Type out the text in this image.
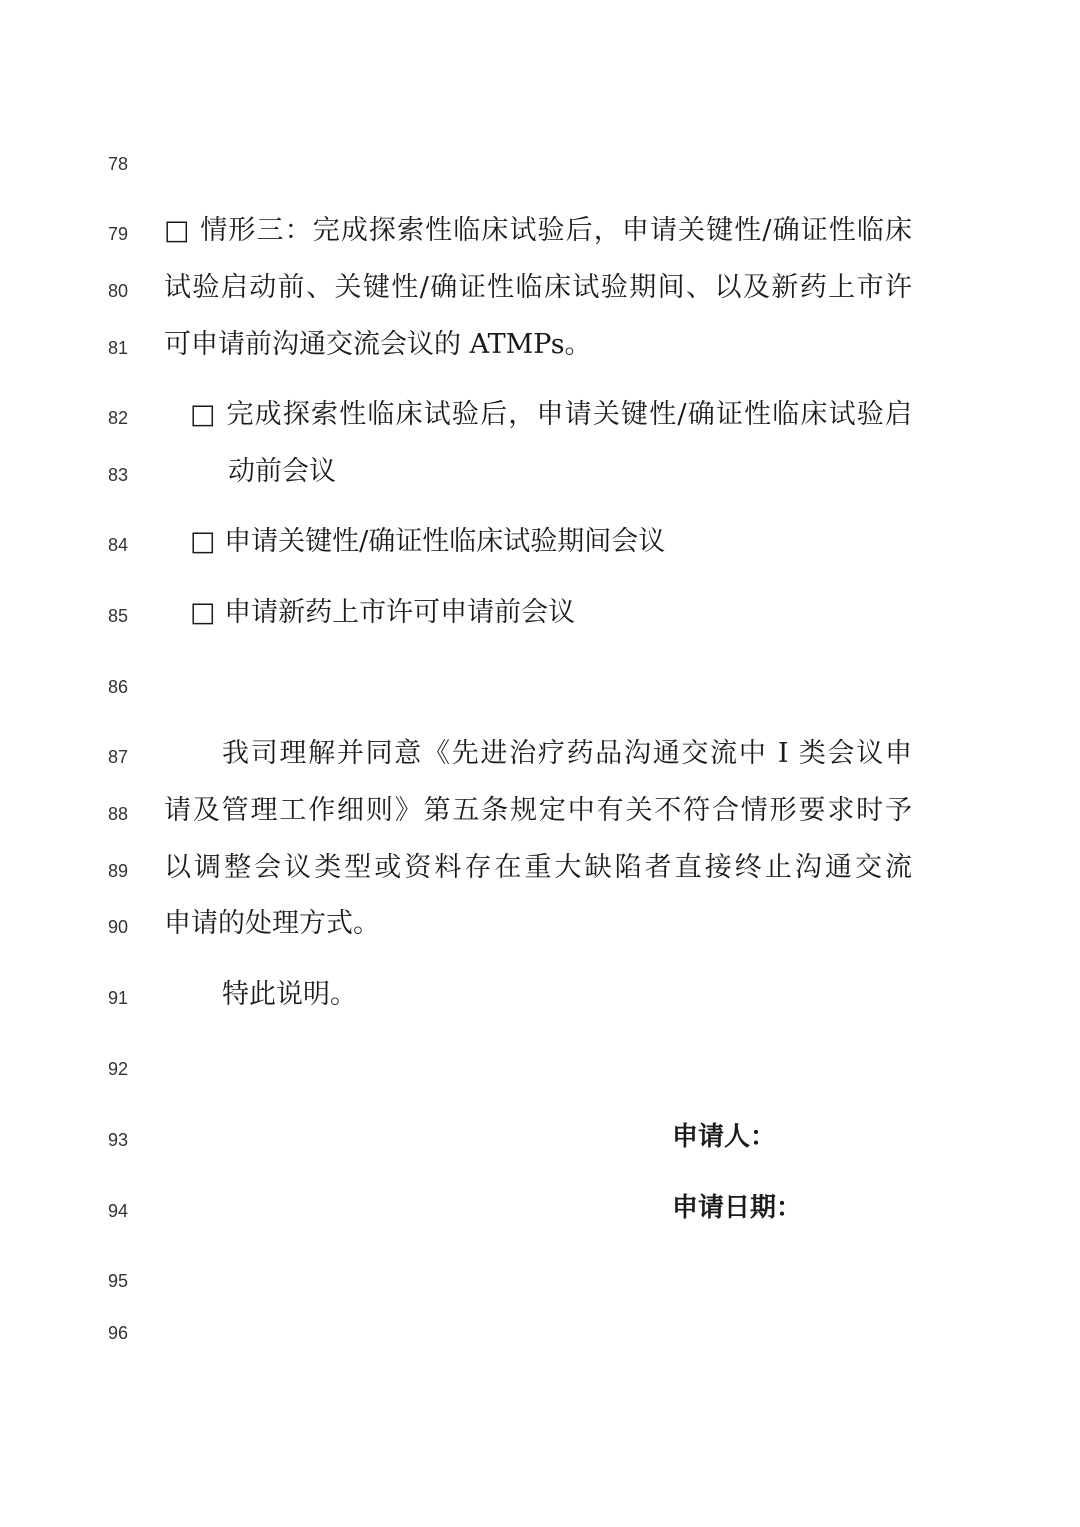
78
79
80
81
82
83
84
85
86
87
88
89
90
91
92
93
94
95
96
□ 情形三：完成探索性临床试验后，申请关键性/确证性临床
试验启动前、关键性/确证性临床试验期间、以及新药上市许
可申请前沟通交流会议的 ATMPs。
□ 完成探索性临床试验后，申请关键性/确证性临床试验启
动前会议
□ 申请关键性/确证性临床试验期间会议
□ 申请新药上市许可申请前会议
我司理解并同意《先进治疗药品沟通交流中 I 类会议申
请及管理工作细则》第五条规定中有关不符合情形要求时予
以调整会议类型或资料存在重大缺陷者直接终止沟通交流
申请的处理方式。
特此说明。
申请人：
申请日期：
